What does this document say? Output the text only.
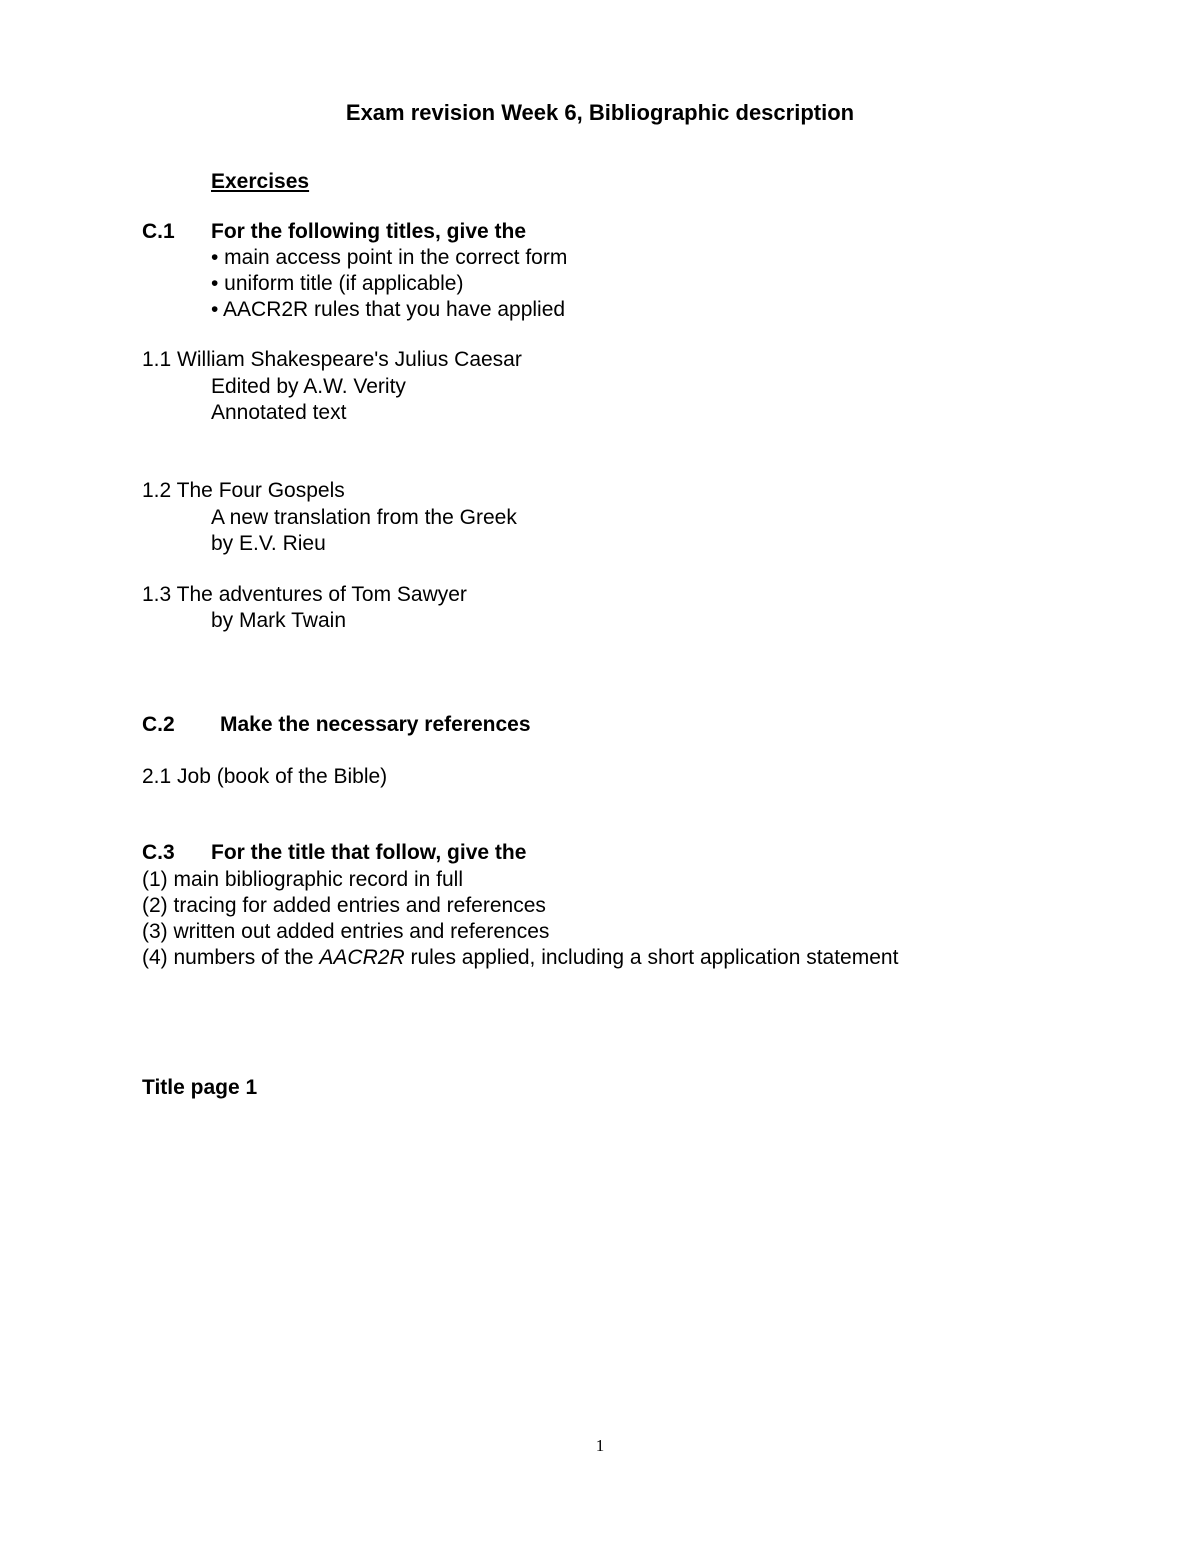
Exam revision Week 6, Bibliographic description
Exercises
C.1 For the following titles, give the
• main access point in the correct form
• uniform title (if applicable)
• AACR2R rules that you have applied
1.1 William Shakespeare's Julius Caesar
Edited by A.W. Verity
Annotated text
1.2 The Four Gospels
A new translation from the Greek
by E.V. Rieu
1.3 The adventures of Tom Sawyer
by Mark Twain
C.2 Make the necessary references
2.1 Job (book of the Bible)
C.3 For the title that follow, give the
(1) main bibliographic record in full
(2) tracing for added entries and references
(3) written out added entries and references
(4) numbers of the AACR2R rules applied, including a short application statement
Title page 1
1
